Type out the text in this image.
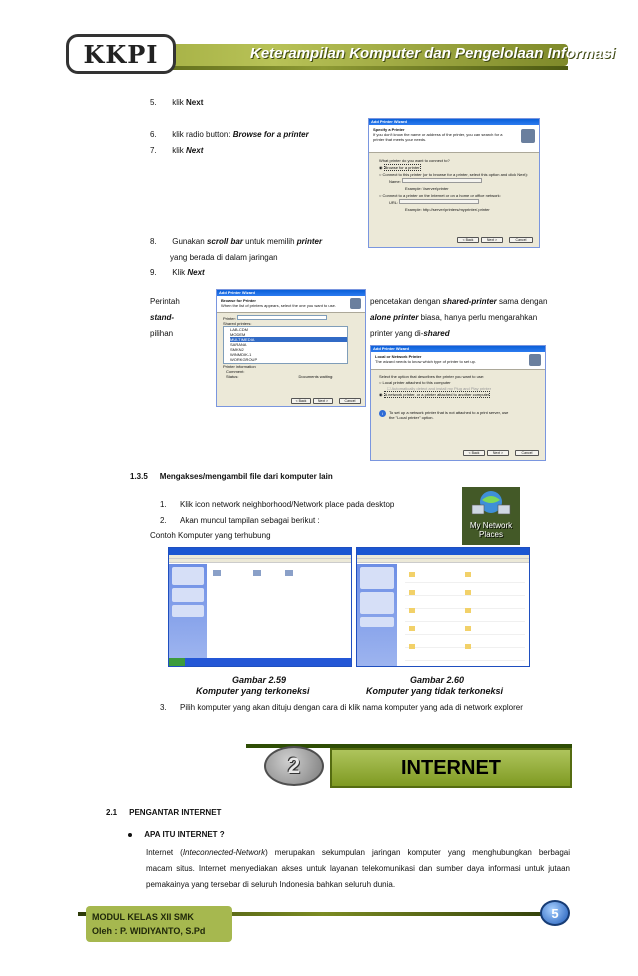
KKPI	Keterampilan Komputer dan Pengelolaan Informasi
5. klik Next
6. klik radio button: Browse for a printer
7. klik Next
Add Printer Wizard
Specify a Printer
If you don't know the name or address of the printer, you can search for a printer that meets your needs.
What printer do you want to connect to?
◉ Browse for a printer
○ Connect to this printer (or to browse for a printer, select this option and click Next):
Name:
Example: \\server\printer
○ Connect to a printer on the Internet or on a home or office network:
URL:
Example: http://server/printers/myprinter/.printer
< Back	Next >	Cancel
8. Gunakan scroll bar untuk memilih printer
yang berada di dalam jaringan
9. Klik Next
Perintah
stand-
pilihan
pencetakan dengan shared-printer sama dengan
alone printer biasa, hanya perlu mengarahkan
printer yang di-shared
Add Printer Wizard
Browse for Printer
When the list of printers appears, select the one you want to use.
Printer:
Shared printers:
LAB-CDM
MODEM
MULTIMEDIA
SARANA
SMKN2
WINMDIK-1
WORKGROUP
Printer information
Comment:
Status:	Documents waiting:
< Back	Next >	Cancel
Add Printer Wizard
Local or Network Printer
The wizard needs to know which type of printer to set up.
Select the option that describes the printer you want to use:
○ Local printer attached to this computer
☐ Automatically detect and install my Plug and Play printer
◉ A network printer, or a printer attached to another computer
i	To set up a network printer that is not attached to a print server, use the "Local printer" option.
< Back	Next >	Cancel
1.3.5 Mengakses/mengambil file dari komputer lain
1. Klik icon network neighborhood/Network place pada desktop
2. Akan muncul tampilan sebagai berikut :
Contoh Komputer yang terhubung
My Network Places
Gambar 2.59
Komputer yang terkoneksi
Gambar 2.60
Komputer yang tidak terkoneksi
3. Pilih komputer yang akan dituju dengan cara di klik nama komputer yang ada di network explorer
2	INTERNET
2.1 PENGANTAR INTERNET
APA ITU INTERNET ?
Internet (Inteconnected-Network) merupakan sekumpulan jaringan komputer yang menghubungkan berbagai
macam situs. Internet menyediakan akses untuk layanan telekomunikasi dan sumber daya informasi untuk jutaan
pemakainya yang tersebar di seluruh Indonesia bahkan seluruh dunia.
MODUL KELAS XII SMK
Oleh : P. WIDIYANTO, S.Pd
5
